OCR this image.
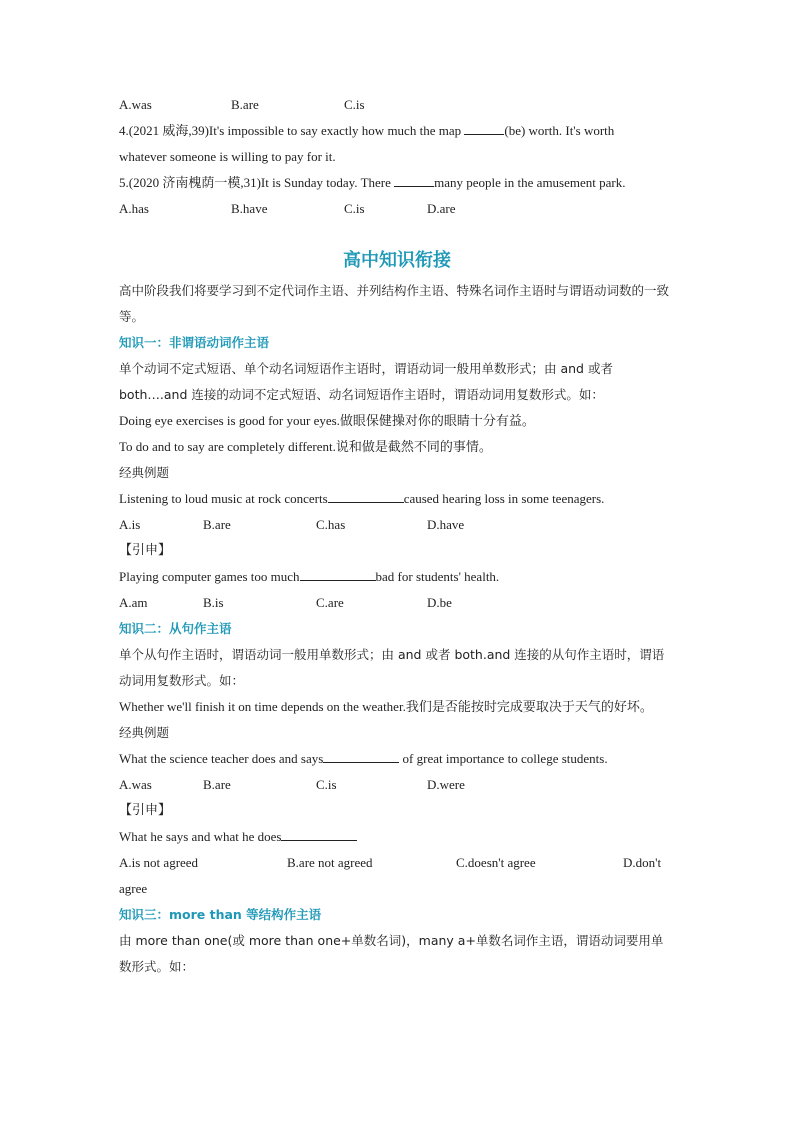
A.was	B.are	C.is
4.(2021 威海,39)It's impossible to say exactly how much the map	(be) worth. It's worth
whatever someone is willing to pay for it.
5.(2020 济南槐荫一模,31)It is Sunday today. There	many people in the amusement park.
A.has	B.have	C.is	D.are
高中知识衔接
高中阶段我们将要学习到不定代词作主语、并列结构作主语、特殊名词作主语时与谓语动词数的一致等。
知识一：非谓语动词作主语
单个动词不定式短语、单个动名词短语作主语时，谓语动词一般用单数形式；由 and 或者 both….and 连接的动词不定式短语、动名词短语作主语时，谓语动词用复数形式。如：
Doing eye exercises is good for your eyes.做眼保健操对你的眼睛十分有益。
To do and to say are completely different.说和做是截然不同的事情。
经典例题
Listening to loud music at rock concerts	caused hearing loss in some teenagers.
A.is	B.are	C.has	D.have
【引申】
Playing computer games too much	bad for students' health.
A.am	B.is	C.are	D.be
知识二：从句作主语
单个从句作主语时，谓语动词一般用单数形式；由 and 或者 both.and 连接的从句作主语时，谓语动词用复数形式。如：
Whether we'll finish it on time depends on the weather.我们是否能按时完成要取决于天气的好坏。
经典例题
What the science teacher does and says	of great importance to college students.
A.was	B.are	C.is	D.were
【引申】
What he says and what he does
A.is not agreed	B.are not agreed	C.doesn't agree	D.don't
agree
知识三：more than 等结构作主语
由 more than one(或 more than one+单数名词)，many a+单数名词作主语，谓语动词要用单数形式。如：
